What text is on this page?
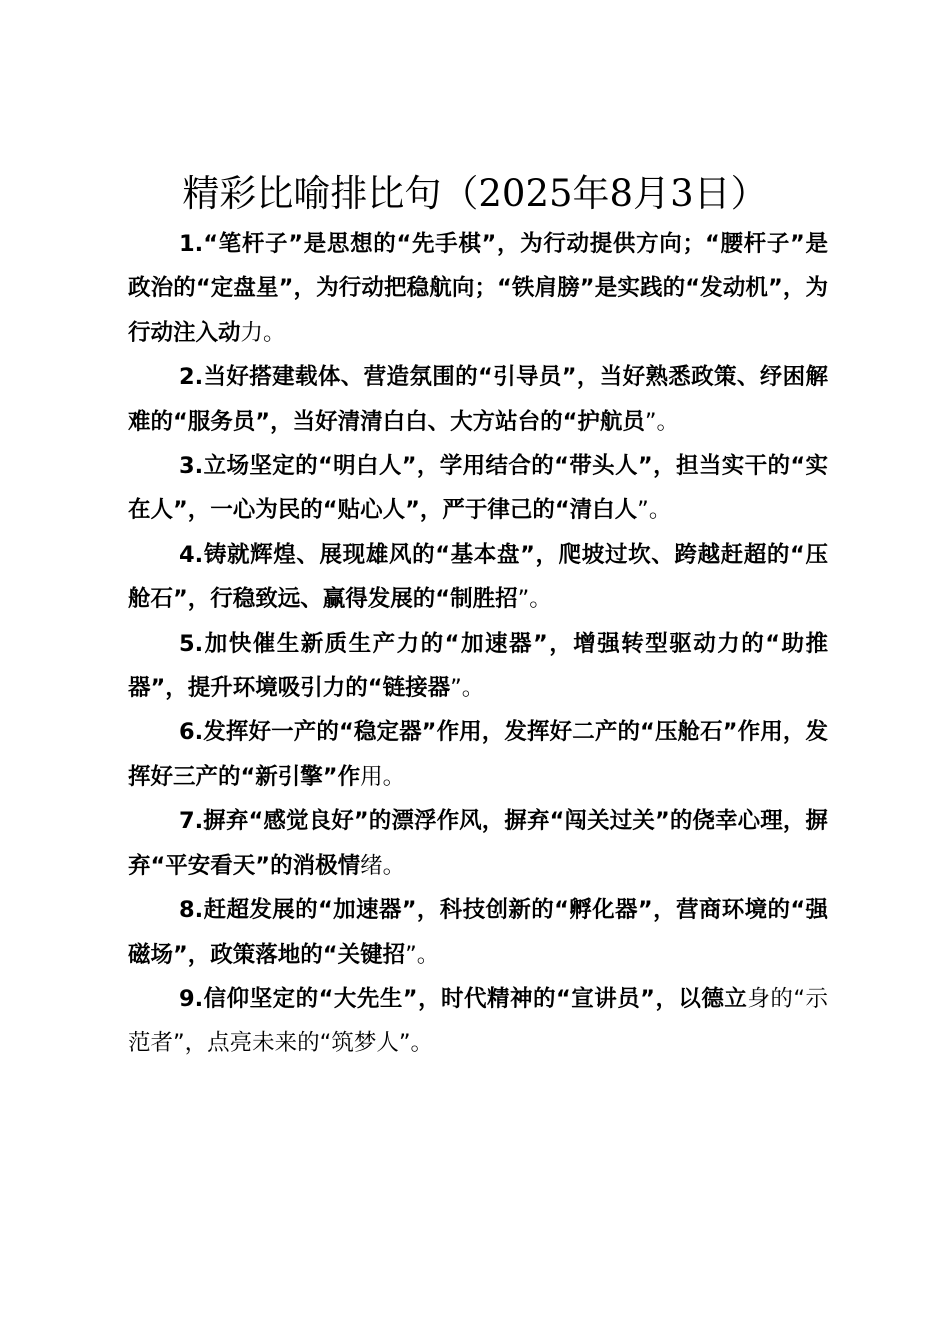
精彩比喻排比句（2025年8月3日）

1.“笔杆子”是思想的“先手棋”，为行动提供方向；“腰杆子”是政治的“定盘星”，为行动把稳航向；“铁肩膀”是实践的“发动机”，为行动注入动力。

2.当好搭建载体、营造氛围的“引导员”，当好熟悉政策、纾困解难的“服务员”，当好清清白白、大方站台的“护航员”。

3.立场坚定的“明白人”，学用结合的“带头人”，担当实干的“实在人”，一心为民的“贴心人”，严于律己的“清白人”。

4.铸就辉煌、展现雄风的“基本盘”，爬坡过坎、跨越赶超的“压舱石”，行稳致远、赢得发展的“制胜招”。

5.加快催生新质生产力的“加速器”，增强转型驱动力的“助推器”，提升环境吸引力的“链接器”。

6.发挥好一产的“稳定器”作用，发挥好二产的“压舱石”作用，发挥好三产的“新引擎”作用。

7.摒弃“感觉良好”的漂浮作风，摒弃“闯关过关”的侥幸心理，摒弃“平安看天”的消极情绪。

8.赶超发展的“加速器”，科技创新的“孵化器”，营商环境的“强磁场”，政策落地的“关键招”。

9.信仰坚定的“大先生”，时代精神的“宣讲员”，以德立身的“示范者”，点亮未来的“筑梦人”。
